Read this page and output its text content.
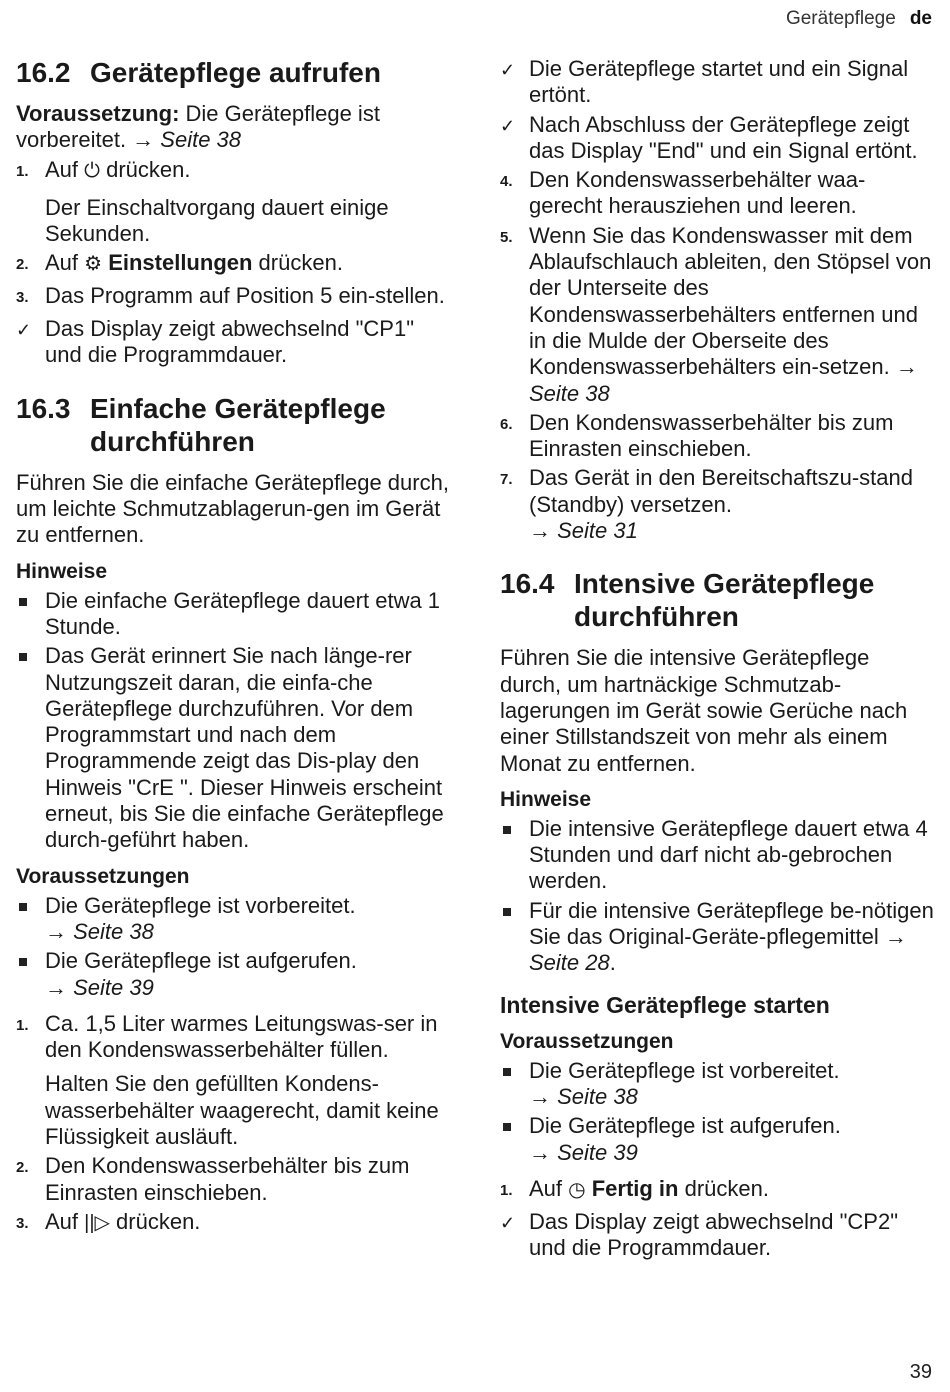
Gerätepflege de
16.2 Gerätepflege aufrufen

Voraussetzung: Die Gerätepflege ist vorbereitet. → Seite 38

1. Auf ⏻ drücken.
Der Einschaltvorgang dauert einige Sekunden.
2. Auf ⚙ Einstellungen drücken.
3. Das Programm auf Position 5 ein-stellen.
✓ Das Display zeigt abwechselnd "CP1" und die Programmdauer.
16.3 Einfache Gerätepflege durchführen

Führen Sie die einfache Gerätepflege durch, um leichte Schmutzablagerun-gen im Gerät zu entfernen.

Hinweise
Die einfache Gerätepflege dauert etwa 1 Stunde.
Das Gerät erinnert Sie nach länge-rer Nutzungszeit daran, die einfa-che Gerätepflege durchzuführen. Vor dem Programmstart und nach dem Programmende zeigt das Dis-play den Hinweis "CrE ". Dieser Hinweis erscheint erneut, bis Sie die einfache Gerätepflege durch-geführt haben.
Voraussetzungen
Die Gerätepflege ist vorbereitet.
→ Seite 38
Die Gerätepflege ist aufgerufen.
→ Seite 39
1. Ca. 1,5 Liter warmes Leitungswas-ser in den Kondenswasserbehälter füllen.
Halten Sie den gefüllten Kondens-wasserbehälter waagerecht, damit keine Flüssigkeit ausläuft.
2. Den Kondenswasserbehälter bis zum Einrasten einschieben.
3. Auf ||▷ drücken.
✓ Die Gerätepflege startet und ein Signal ertönt.
✓ Nach Abschluss der Gerätepflege zeigt das Display "End" und ein Signal ertönt.
4. Den Kondenswasserbehälter waa-gerecht herausziehen und leeren.
5. Wenn Sie das Kondenswasser mit dem Ablaufschlauch ableiten, den Stöpsel von der Unterseite des Kondenswasserbehälters entfernen und in die Mulde der Oberseite des Kondenswasserbehälters ein-setzen. → Seite 38
6. Den Kondenswasserbehälter bis zum Einrasten einschieben.
7. Das Gerät in den Bereitschaftszu-stand (Standby) versetzen.
→ Seite 31
16.4 Intensive Gerätepflege durchführen

Führen Sie die intensive Gerätepflege durch, um hartnäckige Schmutzab-lagerungen im Gerät sowie Gerüche nach einer Stillstandszeit von mehr als einem Monat zu entfernen.

Hinweise
Die intensive Gerätepflege dauert etwa 4 Stunden und darf nicht ab-gebrochen werden.
Für die intensive Gerätepflege be-nötigen Sie das Original-Geräte-pflegemittel → Seite 28.
Intensive Gerätepflege starten
Voraussetzungen
Die Gerätepflege ist vorbereitet.
→ Seite 38
Die Gerätepflege ist aufgerufen.
→ Seite 39
1. Auf ◷ Fertig in drücken.
✓ Das Display zeigt abwechselnd "CP2" und die Programmdauer.
39
